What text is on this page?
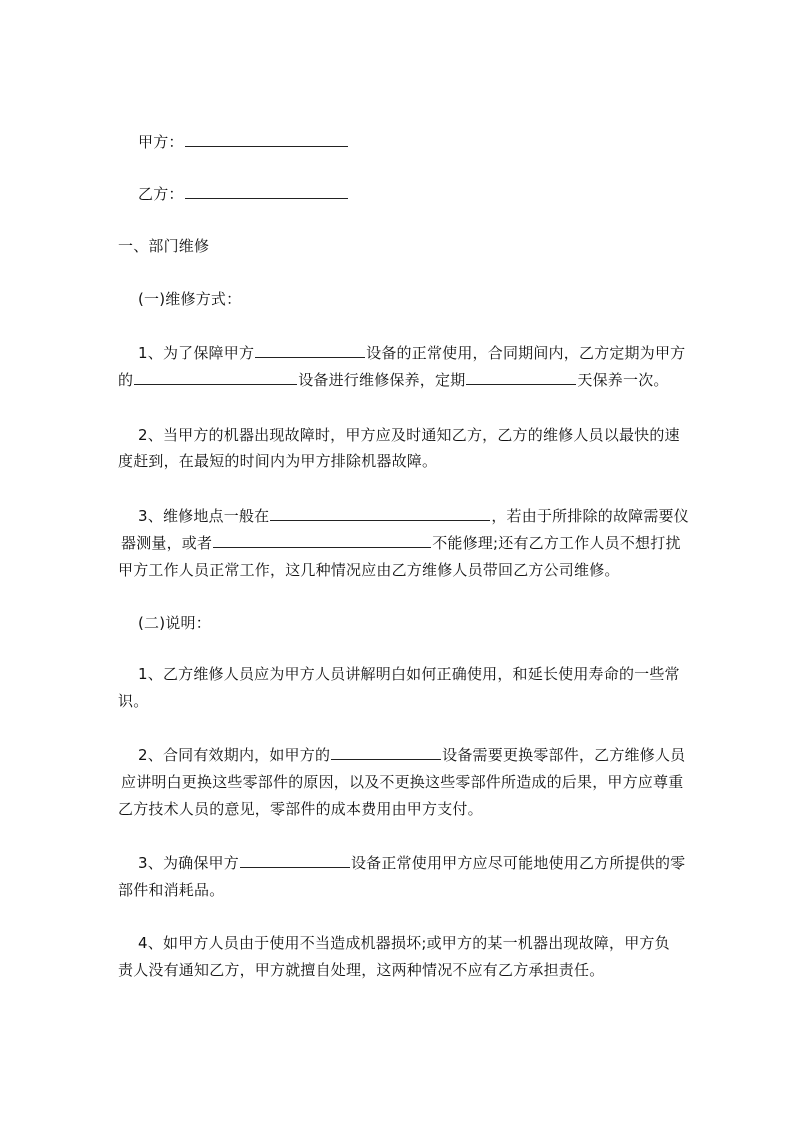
甲方：
乙方：
一、部门维修
(一)维修方式：
1、为了保障甲方	设备的正常使用，合同期间内，乙方定期为甲方
的	设备进行维修保养，定期	天保养一次。
2、当甲方的机器出现故障时，甲方应及时通知乙方，乙方的维修人员以最快的速
度赶到，在最短的时间内为甲方排除机器故障。
3、维修地点一般在	，若由于所排除的故障需要仪
器测量，或者	不能修理;还有乙方工作人员不想打扰
甲方工作人员正常工作，这几种情况应由乙方维修人员带回乙方公司维修。
(二)说明：
1、乙方维修人员应为甲方人员讲解明白如何正确使用，和延长使用寿命的一些常
识。
2、合同有效期内，如甲方的	设备需要更换零部件，乙方维修人员
应讲明白更换这些零部件的原因，以及不更换这些零部件所造成的后果，甲方应尊重
乙方技术人员的意见，零部件的成本费用由甲方支付。
3、为确保甲方	设备正常使用甲方应尽可能地使用乙方所提供的零
部件和消耗品。
4、如甲方人员由于使用不当造成机器损坏;或甲方的某一机器出现故障，甲方负
责人没有通知乙方，甲方就擅自处理，这两种情况不应有乙方承担责任。
